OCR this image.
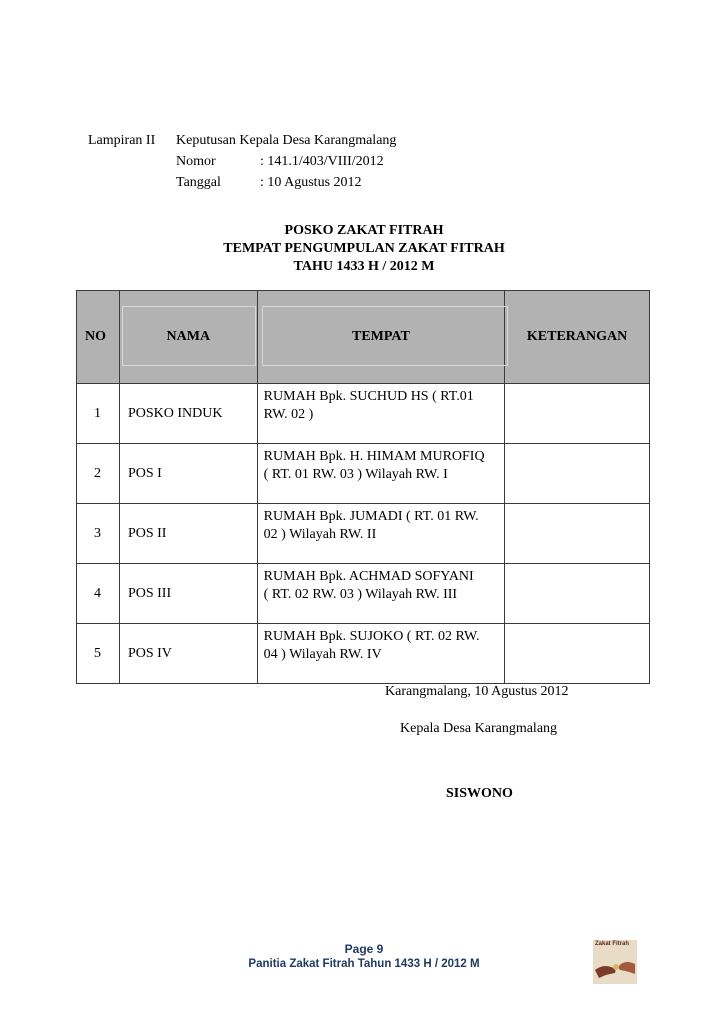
Lampiran II Keputusan Kepala Desa Karangmalang
Nomor	: 141.1/403/VIII/2012
Tanggal	: 10 Agustus 2012
POSKO ZAKAT FITRAH
TEMPAT PENGUMPULAN ZAKAT FITRAH
TAHU 1433 H / 2012 M
NO	NAMA	TEMPAT	KETERANGAN
1	POSKO INDUK	RUMAH Bpk. SUCHUD HS ( RT.01
RW. 02 )	

2	POS I	RUMAH Bpk. H. HIMAM MUROFIQ
( RT. 01 RW. 03 ) Wilayah RW. I	

3	POS II	RUMAH Bpk. JUMADI ( RT. 01 RW.
02 ) Wilayah RW. II	

4	POS III	RUMAH Bpk. ACHMAD SOFYANI
( RT. 02 RW. 03 ) Wilayah RW. III	

5	POS IV	RUMAH Bpk. SUJOKO ( RT. 02 RW.
04 ) Wilayah RW. IV	

Karangmalang, 10 Agustus 2012
Kepala Desa Karangmalang
SISWONO
Page 9
Panitia Zakat Fitrah Tahun 1433 H / 2012 M
Zakat Fitrah
